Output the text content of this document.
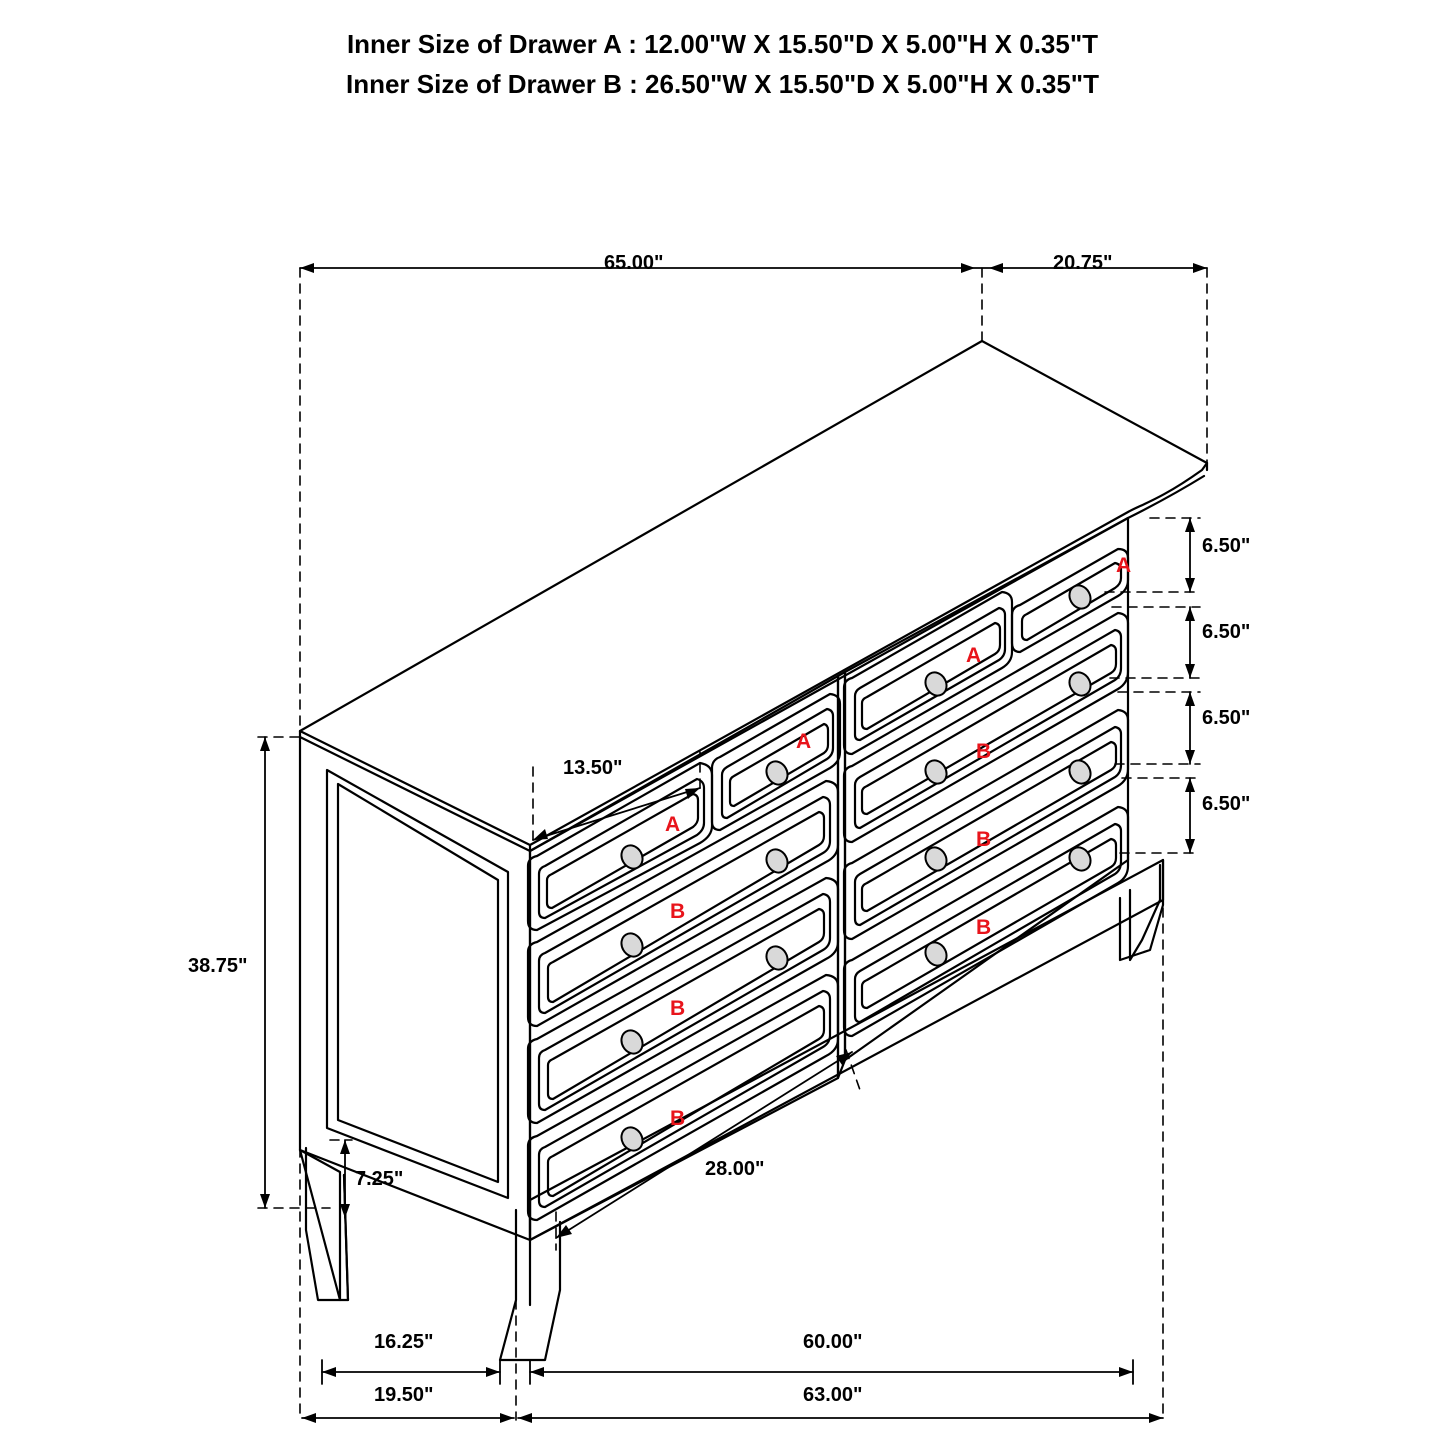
Inner Size of Drawer A : 12.00"W X 15.50"D X 5.00"H X 0.35"T
Inner Size of Drawer B : 26.50"W X 15.50"D X 5.00"H X 0.35"T
65.00"	20.75"
6.50"
6.50"
6.50"
6.50"
38.75"
7.25"
13.50"
28.00"
16.25"	60.00"
19.50"	63.00"
A
A
A
A
B
B
B
B
B
B
